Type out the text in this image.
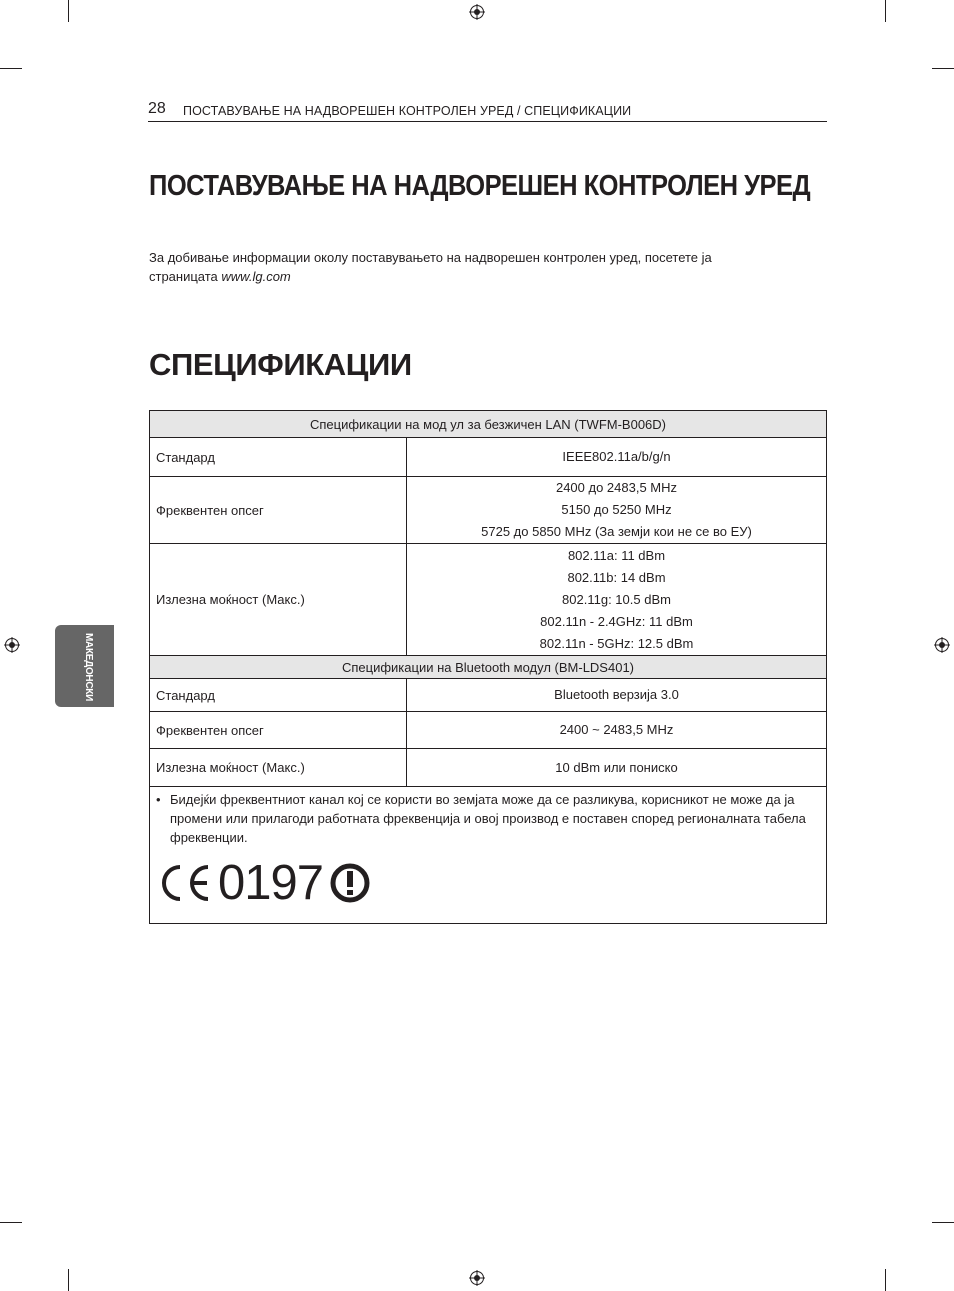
28 ПОСТАВУВАЊЕ НА НАДВОРЕШЕН КОНТРОЛЕН УРЕД / СПЕЦИФИКАЦИИ
ПОСТАВУВАЊЕ НА НАДВОРЕШЕН КОНТРОЛЕН УРЕД
За добивање информации околу поставувањето на надворешен контролен уред, посетете ја
страницата www.lg.com
СПЕЦИФИКАЦИИ
Спецификации на мод ул за безжичен LAN (TWFM-B006D)	
Стандард	IEEE802.11a/b/g/n

Фреквентен опсег	2400 до 2483,5 MHz
5150 до 5250 MHz
5725 до 5850 MHz (За земји кои не се во ЕУ)

Излезна моќност (Макс.)	802.11a: 11 dBm
802.11b: 14 dBm
802.11g: 10.5 dBm
802.11n - 2.4GHz: 11 dBm
802.11n - 5GHz: 12.5 dBm

Спецификации на Bluetooth модул (BM-LDS401)	
Стандард	Bluetooth верзија 3.0

Фреквентен опсег	2400 ~ 2483,5 MHz

Излезна моќност (Макс.)	10 dBm или пониско

• Бидејќи фреквентниот канал кој се користи во земјата може да се разликува, корисникот не може да ја промени или прилагоди работната фреквенција и овој производ е поставен според регионалната табела фреквенции.
0197	
МАКЕДОНСКИ
